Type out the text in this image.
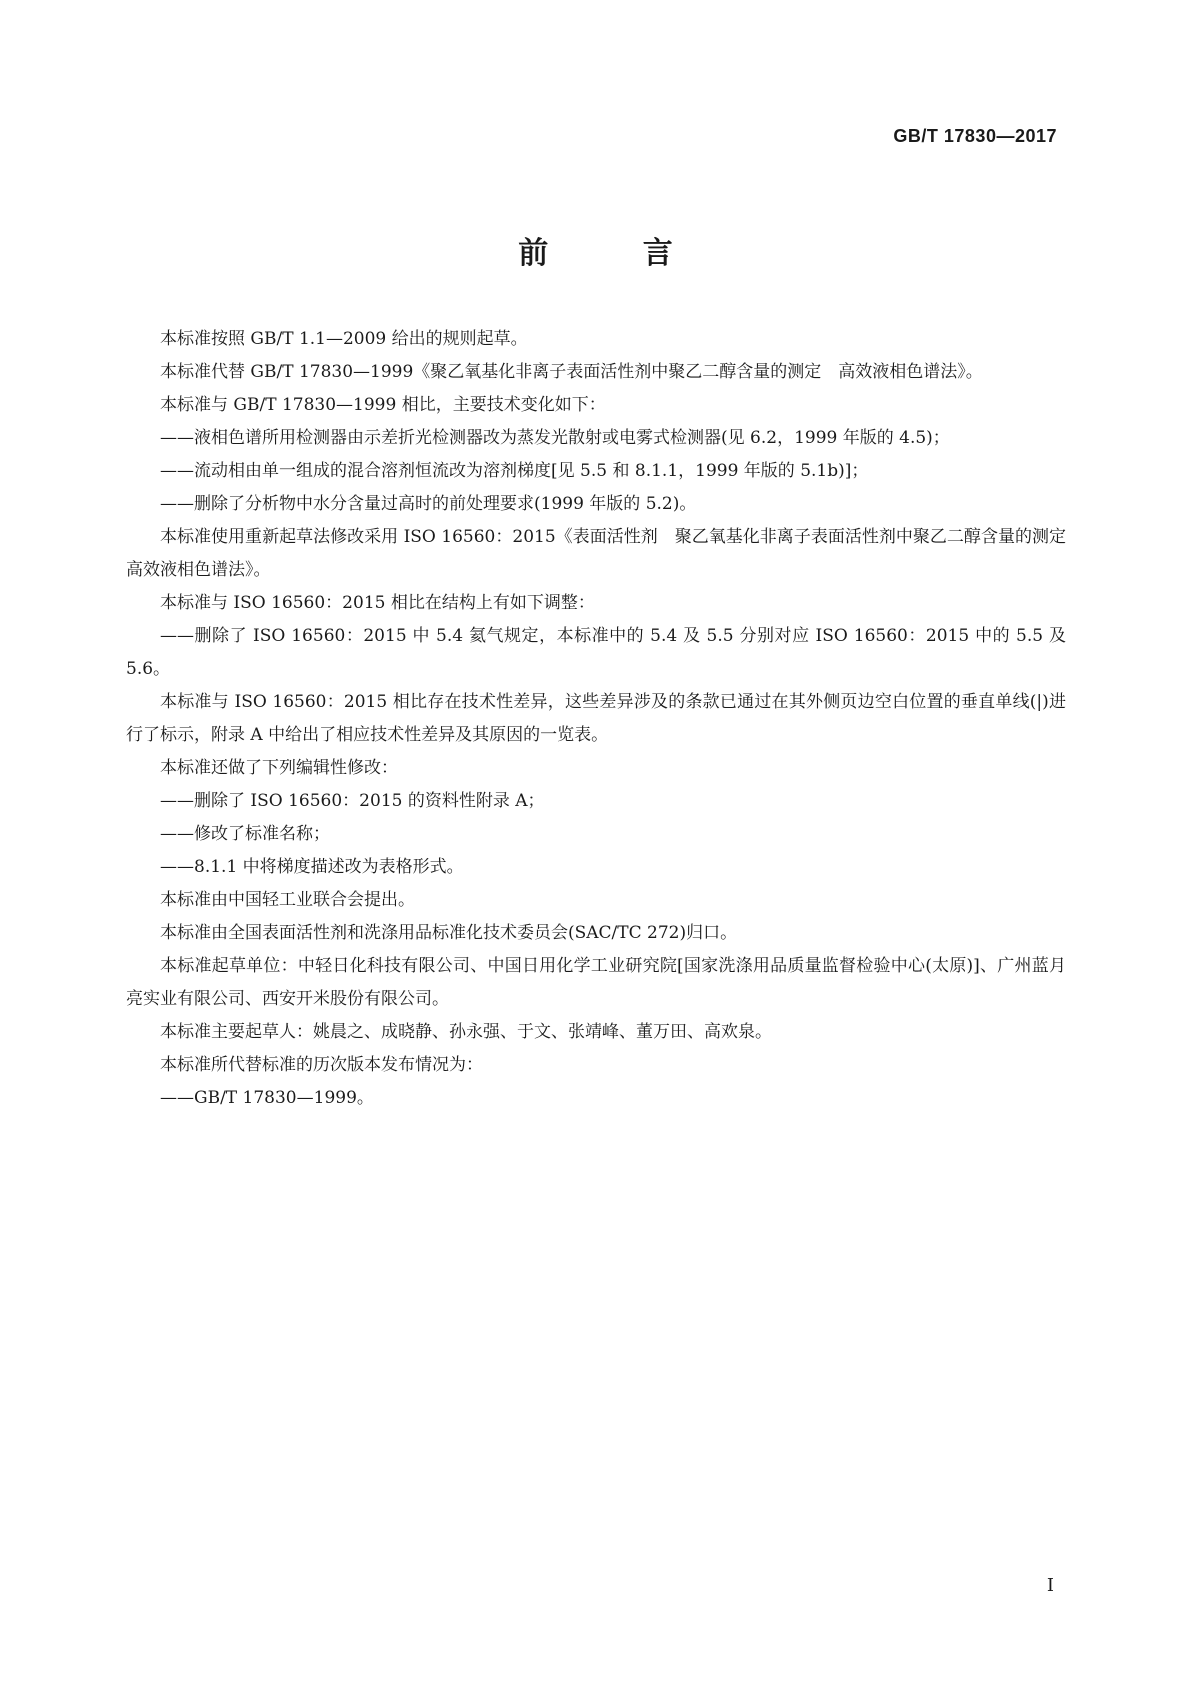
GB/T 17830—2017
前 言

本标准按照 GB/T 1.1—2009 给出的规则起草。

本标准代替 GB/T 17830—1999《聚乙氧基化非离子表面活性剂中聚乙二醇含量的测定　高效液相色谱法》。

本标准与 GB/T 17830—1999 相比，主要技术变化如下：

——液相色谱所用检测器由示差折光检测器改为蒸发光散射或电雾式检测器(见 6.2，1999 年版的 4.5)；

——流动相由单一组成的混合溶剂恒流改为溶剂梯度[见 5.5 和 8.1.1，1999 年版的 5.1b)]；

——删除了分析物中水分含量过高时的前处理要求(1999 年版的 5.2)。

本标准使用重新起草法修改采用 ISO 16560：2015《表面活性剂　聚乙氧基化非离子表面活性剂中聚乙二醇含量的测定　高效液相色谱法》。

本标准与 ISO 16560：2015 相比在结构上有如下调整：

——删除了 ISO 16560：2015 中 5.4 氦气规定，本标准中的 5.4 及 5.5 分别对应 ISO 16560：2015 中的 5.5 及 5.6。

本标准与 ISO 16560：2015 相比存在技术性差异，这些差异涉及的条款已通过在其外侧页边空白位置的垂直单线(|)进行了标示，附录 A 中给出了相应技术性差异及其原因的一览表。

本标准还做了下列编辑性修改：

——删除了 ISO 16560：2015 的资料性附录 A；

——修改了标准名称；

——8.1.1 中将梯度描述改为表格形式。

本标准由中国轻工业联合会提出。

本标准由全国表面活性剂和洗涤用品标准化技术委员会(SAC/TC 272)归口。

本标准起草单位：中轻日化科技有限公司、中国日用化学工业研究院[国家洗涤用品质量监督检验中心(太原)]、广州蓝月亮实业有限公司、西安开米股份有限公司。

本标准主要起草人：姚晨之、成晓静、孙永强、于文、张靖峰、董万田、高欢泉。

本标准所代替标准的历次版本发布情况为：

——GB/T 17830—1999。

I
